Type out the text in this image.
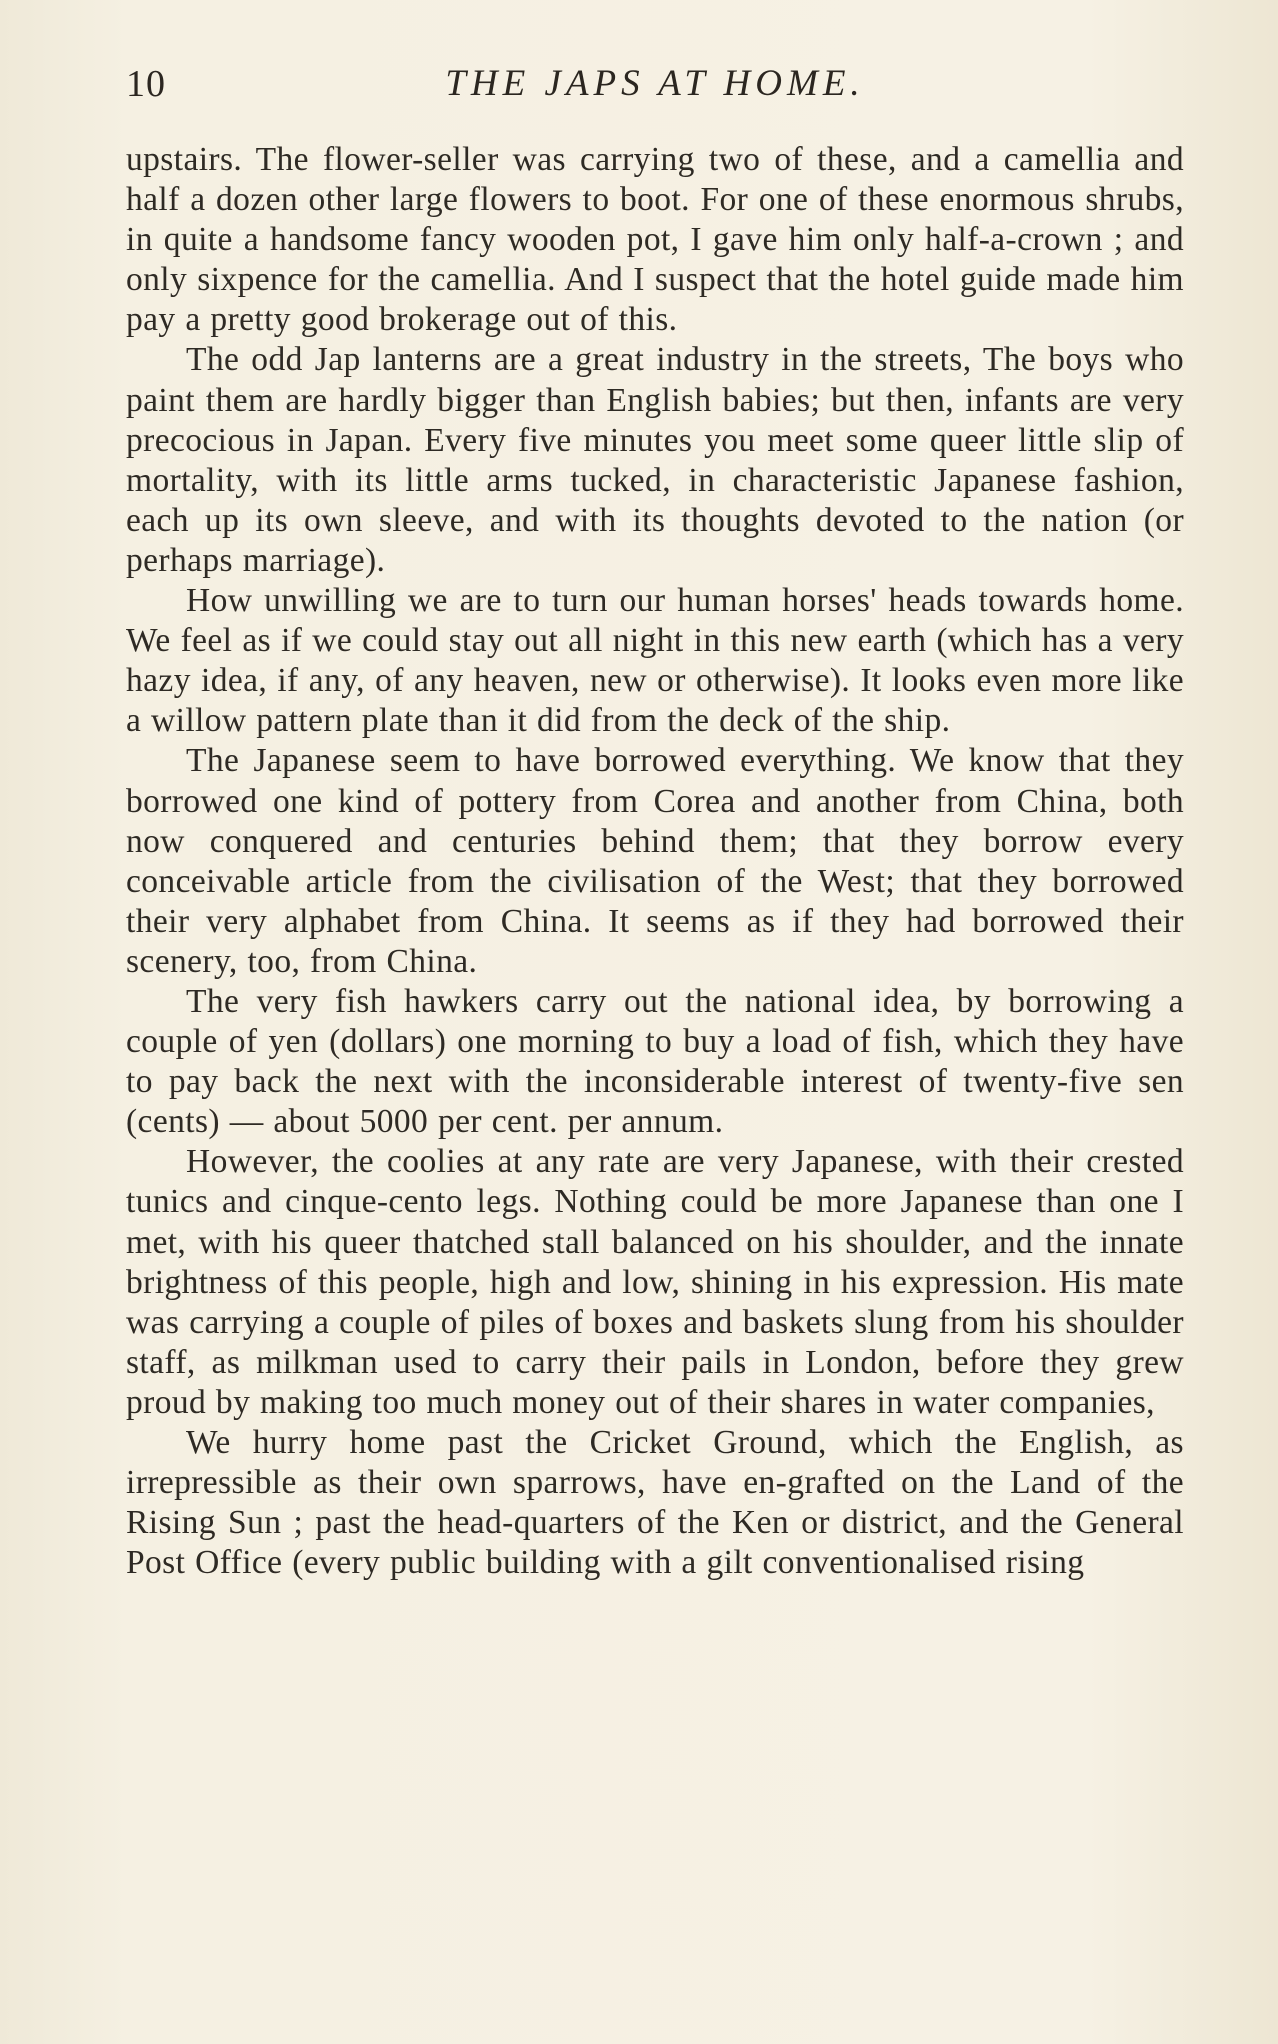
10	THE JAPS AT HOME.

upstairs. The flower-seller was carrying two of these, and a camellia and half a dozen other large flowers to boot. For one of these enormous shrubs, in quite a handsome fancy wooden pot, I gave him only half-a-crown ; and only sixpence for the camellia. And I suspect that the hotel guide made him pay a pretty good brokerage out of this.

The odd Jap lanterns are a great industry in the streets, The boys who paint them are hardly bigger than English babies; but then, infants are very precocious in Japan. Every five minutes you meet some queer little slip of mortality, with its little arms tucked, in characteristic Japanese fashion, each up its own sleeve, and with its thoughts devoted to the nation (or perhaps marriage).

How unwilling we are to turn our human horses' heads towards home. We feel as if we could stay out all night in this new earth (which has a very hazy idea, if any, of any heaven, new or otherwise). It looks even more like a willow pattern plate than it did from the deck of the ship.

The Japanese seem to have borrowed everything. We know that they borrowed one kind of pottery from Corea and another from China, both now conquered and centuries behind them; that they borrow every conceivable article from the civilisation of the West; that they borrowed their very alphabet from China. It seems as if they had borrowed their scenery, too, from China.

The very fish hawkers carry out the national idea, by borrowing a couple of yen (dollars) one morning to buy a load of fish, which they have to pay back the next with the inconsiderable interest of twenty-five sen (cents) — about 5000 per cent. per annum.

However, the coolies at any rate are very Japanese, with their crested tunics and cinque-cento legs. Nothing could be more Japanese than one I met, with his queer thatched stall balanced on his shoulder, and the innate brightness of this people, high and low, shining in his expression. His mate was carrying a couple of piles of boxes and baskets slung from his shoulder staff, as milkman used to carry their pails in London, before they grew proud by making too much money out of their shares in water companies,

We hurry home past the Cricket Ground, which the English, as irrepressible as their own sparrows, have en-grafted on the Land of the Rising Sun ; past the head-quarters of the Ken or district, and the General Post Office (every public building with a gilt conventionalised rising
